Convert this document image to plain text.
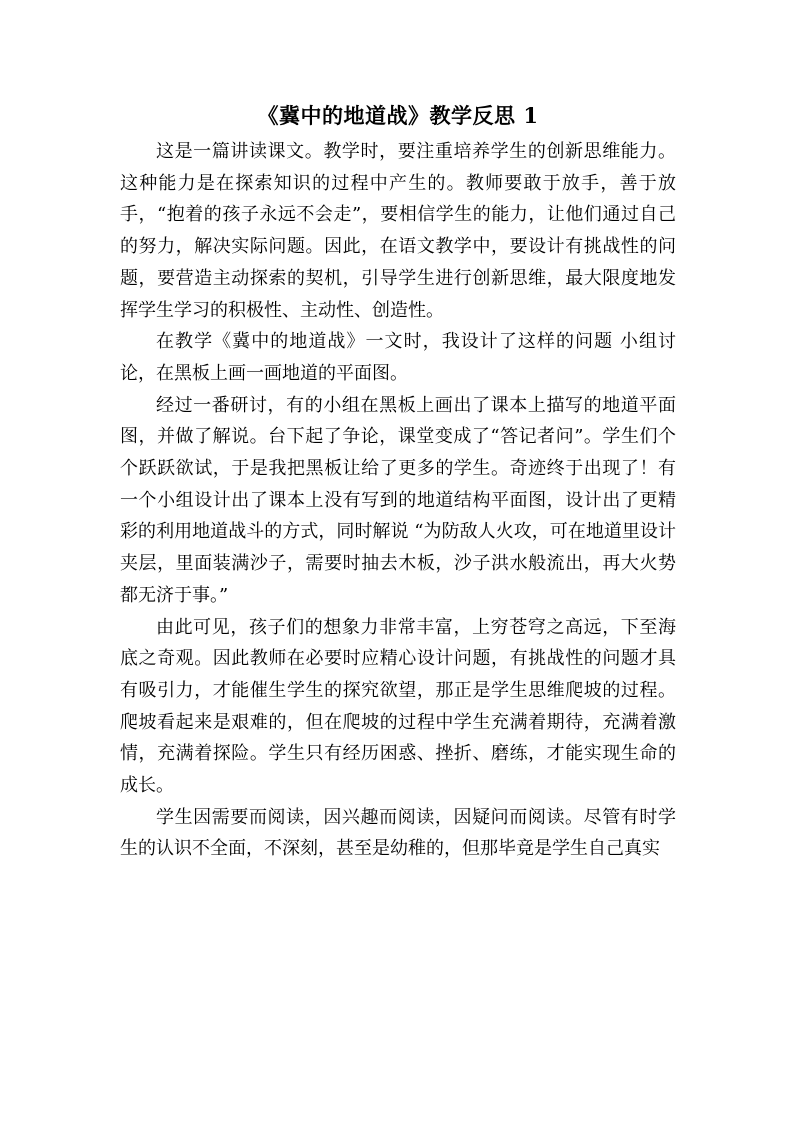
《冀中的地道战》教学反思 1

这是一篇讲读课文。教学时，要注重培养学生的创新思维能力。这种能力是在探索知识的过程中产生的。教师要敢于放手，善于放手，“抱着的孩子永远不会走”，要相信学生的能力，让他们通过自己的努力，解决实际问题。因此，在语文教学中，要设计有挑战性的问题，要营造主动探索的契机，引导学生进行创新思维，最大限度地发挥学生学习的积极性、主动性、创造性。

在教学《冀中的地道战》一文时，我设计了这样的问题 小组讨论，在黑板上画一画地道的平面图。

经过一番研讨，有的小组在黑板上画出了课本上描写的地道平面图，并做了解说。台下起了争论，课堂变成了“答记者问”。学生们个个跃跃欲试，于是我把黑板让给了更多的学生。奇迹终于出现了！有一个小组设计出了课本上没有写到的地道结构平面图，设计出了更精彩的利用地道战斗的方式，同时解说 “为防敌人火攻，可在地道里设计夹层，里面装满沙子，需要时抽去木板，沙子洪水般流出，再大火势都无济于事。”

由此可见，孩子们的想象力非常丰富，上穷苍穹之高远，下至海底之奇观。因此教师在必要时应精心设计问题，有挑战性的问题才具有吸引力，才能催生学生的探究欲望，那正是学生思维爬坡的过程。爬坡看起来是艰难的，但在爬坡的过程中学生充满着期待，充满着激情，充满着探险。学生只有经历困惑、挫折、磨练，才能实现生命的成长。

学生因需要而阅读，因兴趣而阅读，因疑问而阅读。尽管有时学生的认识不全面，不深刻，甚至是幼稚的，但那毕竟是学生自己真实
